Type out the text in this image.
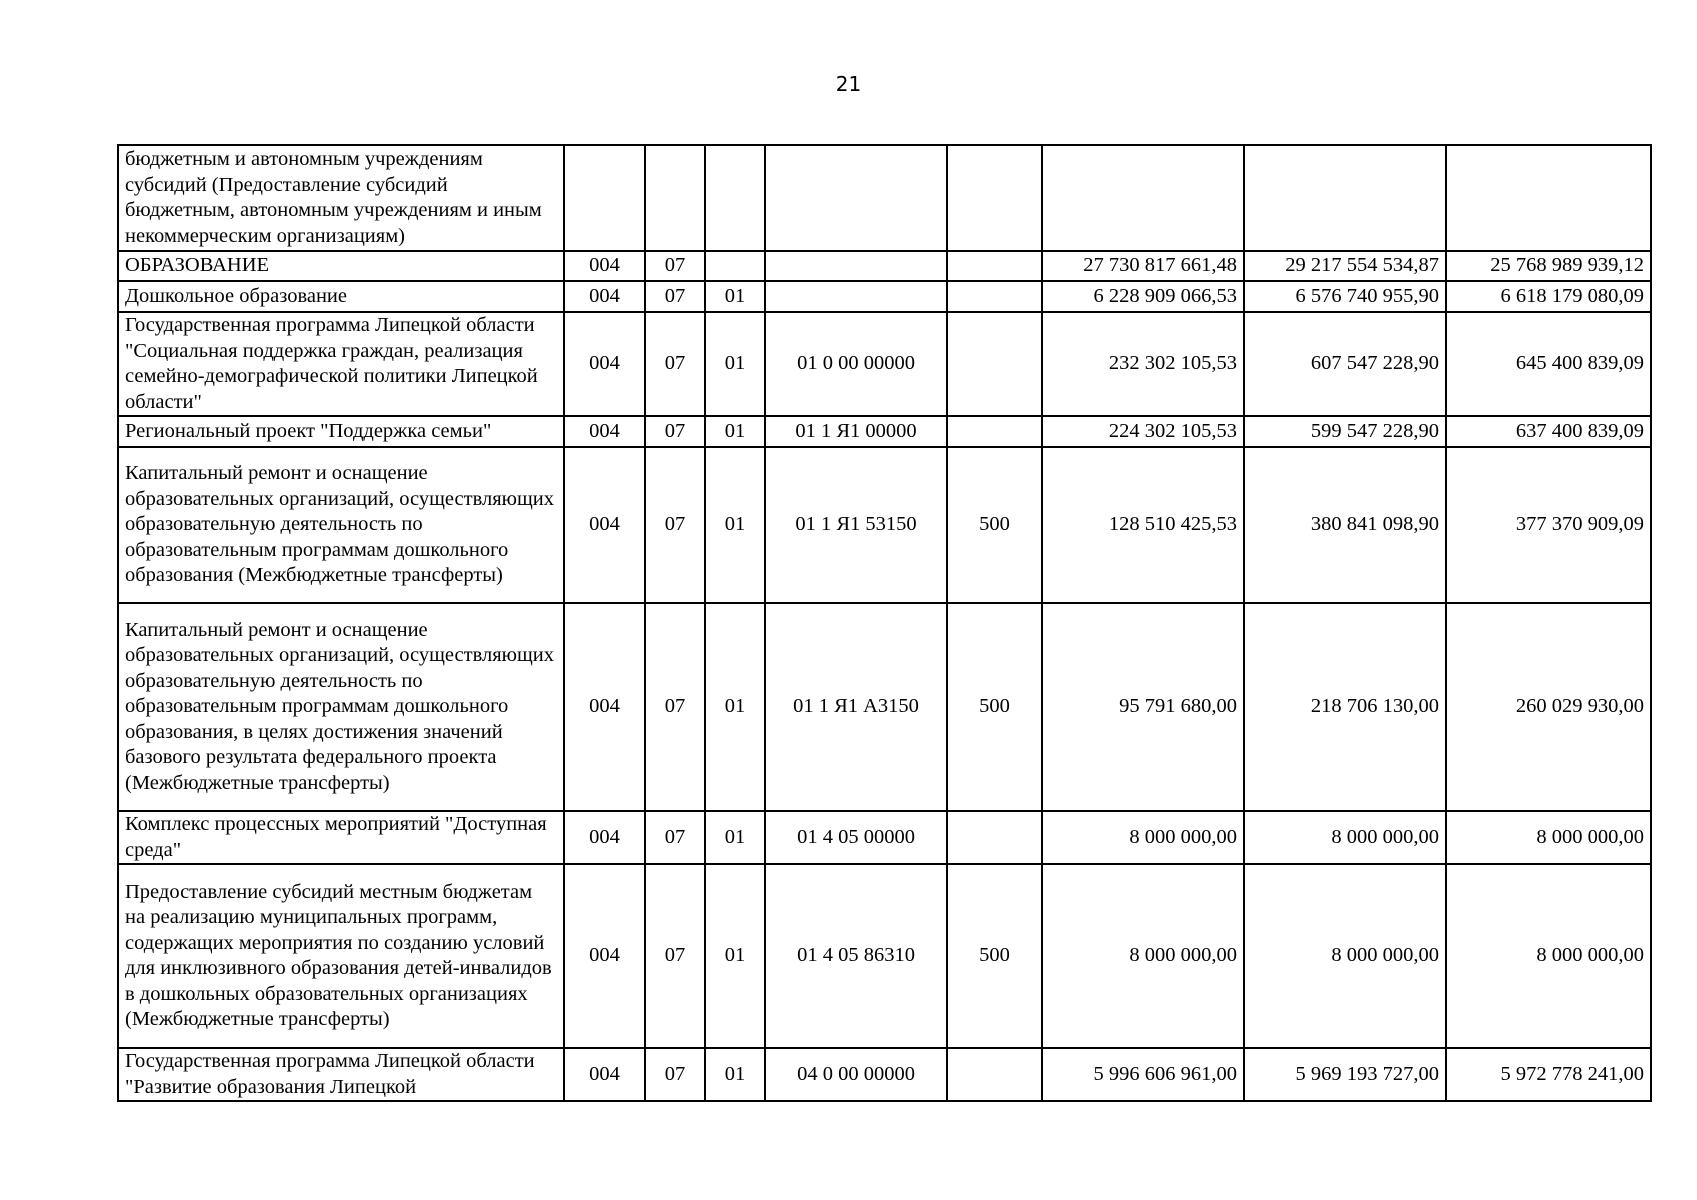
21
бюджетным и автономным учреждениям субсидий (Предоставление субсидий бюджетным, автономным учреждениям и иным некоммерческим организациям)								
ОБРАЗОВАНИЕ	004	07				27 730 817 661,48	29 217 554 534,87	25 768 989 939,12
Дошкольное образование	004	07	01			6 228 909 066,53	6 576 740 955,90	6 618 179 080,09
Государственная программа Липецкой области "Социальная поддержка граждан, реализация семейно-демографической политики Липецкой области"	004	07	01	01 0 00 00000		232 302 105,53	607 547 228,90	645 400 839,09
Региональный проект "Поддержка семьи"	004	07	01	01 1 Я1 00000		224 302 105,53	599 547 228,90	637 400 839,09
Капитальный ремонт и оснащение образовательных организаций, осуществляющих образовательную деятельность по образовательным программам дошкольного образования (Межбюджетные трансферты)	004	07	01	01 1 Я1 53150	500	128 510 425,53	380 841 098,90	377 370 909,09
Капитальный ремонт и оснащение образовательных организаций, осуществляющих образовательную деятельность по образовательным программам дошкольного образования, в целях достижения значений базового результата федерального проекта (Межбюджетные трансферты)	004	07	01	01 1 Я1 А3150	500	95 791 680,00	218 706 130,00	260 029 930,00
Комплекс процессных мероприятий "Доступная среда"	004	07	01	01 4 05 00000		8 000 000,00	8 000 000,00	8 000 000,00
Предоставление субсидий местным бюджетам на реализацию муниципальных программ, содержащих мероприятия по созданию условий для инклюзивного образования детей-инвалидов в дошкольных образовательных организациях (Межбюджетные трансферты)	004	07	01	01 4 05 86310	500	8 000 000,00	8 000 000,00	8 000 000,00
Государственная программа Липецкой области "Развитие образования Липецкой	004	07	01	04 0 00 00000		5 996 606 961,00	5 969 193 727,00	5 972 778 241,00
